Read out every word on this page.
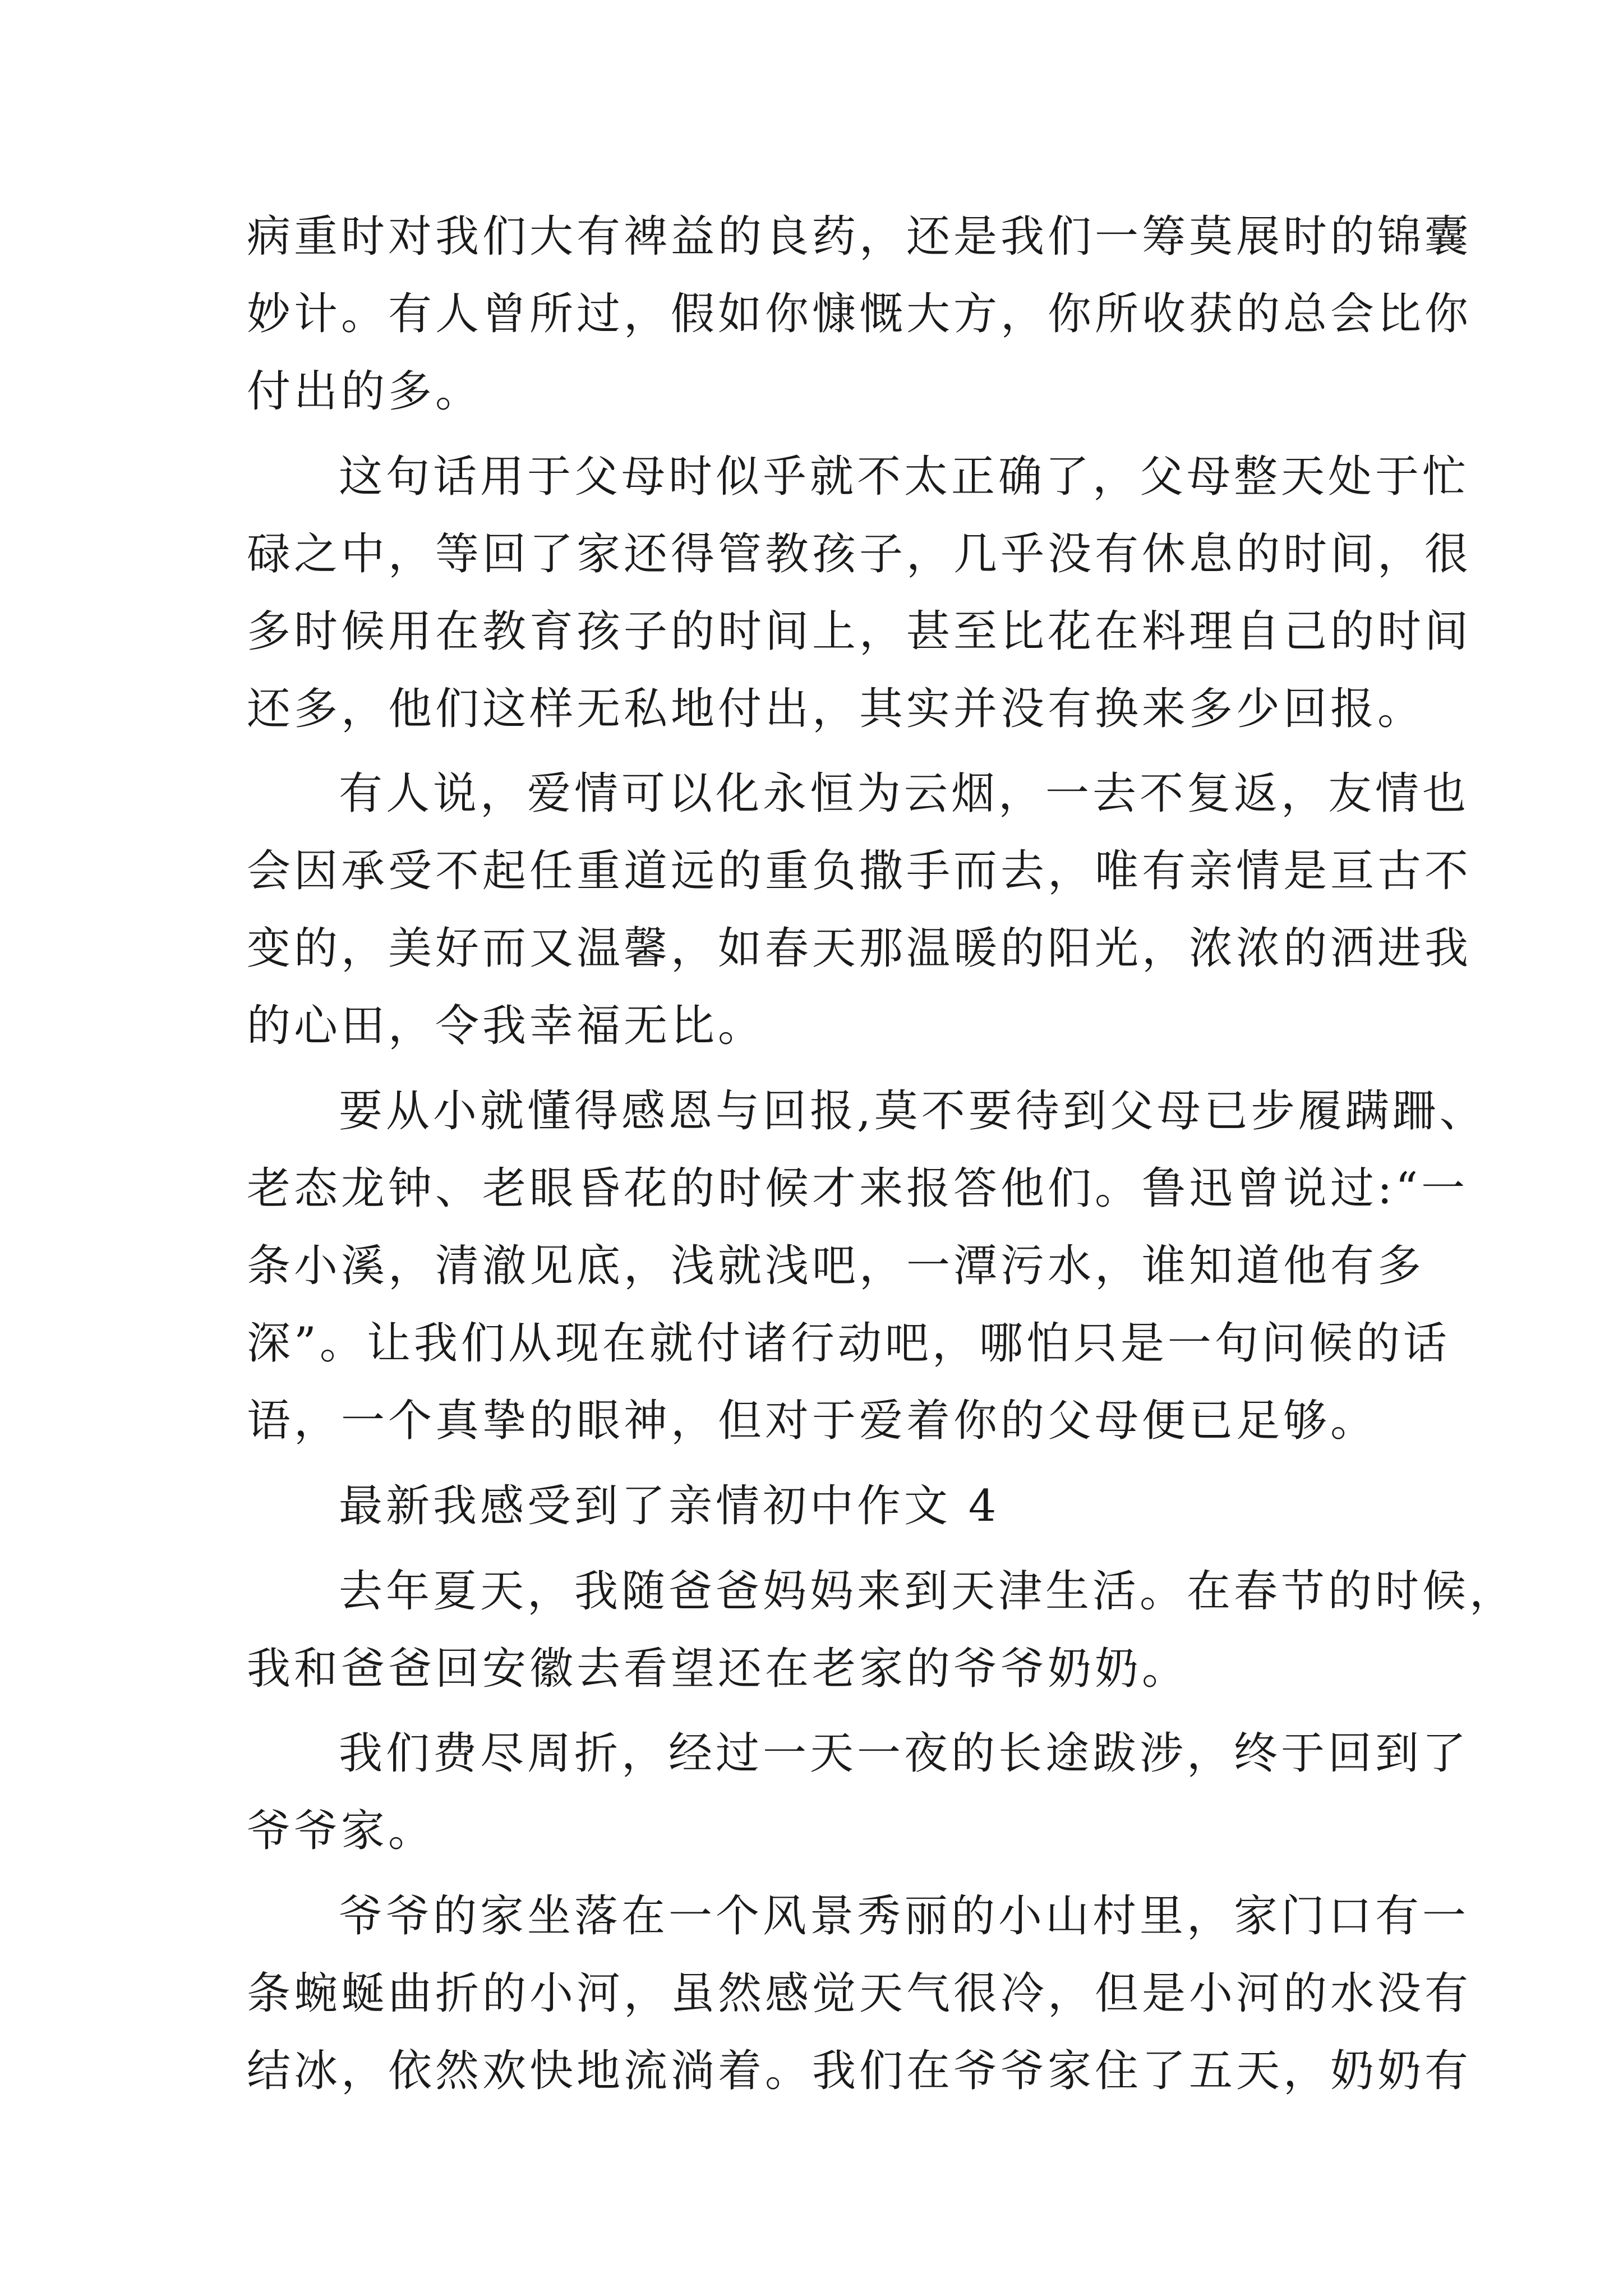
病重时对我们大有裨益的良药，还是我们一筹莫展时的锦囊
妙计。有人曾所过，假如你慷慨大方，你所收获的总会比你
付出的多。
这句话用于父母时似乎就不太正确了，父母整天处于忙
碌之中，等回了家还得管教孩子，几乎没有休息的时间，很
多时候用在教育孩子的时间上，甚至比花在料理自己的时间
还多，他们这样无私地付出，其实并没有换来多少回报。
有人说，爱情可以化永恒为云烟，一去不复返，友情也
会因承受不起任重道远的重负撒手而去，唯有亲情是亘古不
变的，美好而又温馨，如春天那温暖的阳光，浓浓的洒进我
的心田，令我幸福无比。
要从小就懂得感恩与回报,莫不要待到父母已步履蹒跚、
老态龙钟、老眼昏花的时候才来报答他们。鲁迅曾说过:“一
条小溪，清澈见底，浅就浅吧，一潭污水，谁知道他有多
深”。让我们从现在就付诸行动吧，哪怕只是一句问候的话
语，一个真挚的眼神，但对于爱着你的父母便已足够。
最新我感受到了亲情初中作文 4
去年夏天，我随爸爸妈妈来到天津生活。在春节的时候，
我和爸爸回安徽去看望还在老家的爷爷奶奶。
我们费尽周折，经过一天一夜的长途跋涉，终于回到了
爷爷家。
爷爷的家坐落在一个风景秀丽的小山村里，家门口有一
条蜿蜒曲折的小河，虽然感觉天气很冷，但是小河的水没有
结冰，依然欢快地流淌着。我们在爷爷家住了五天，奶奶有
